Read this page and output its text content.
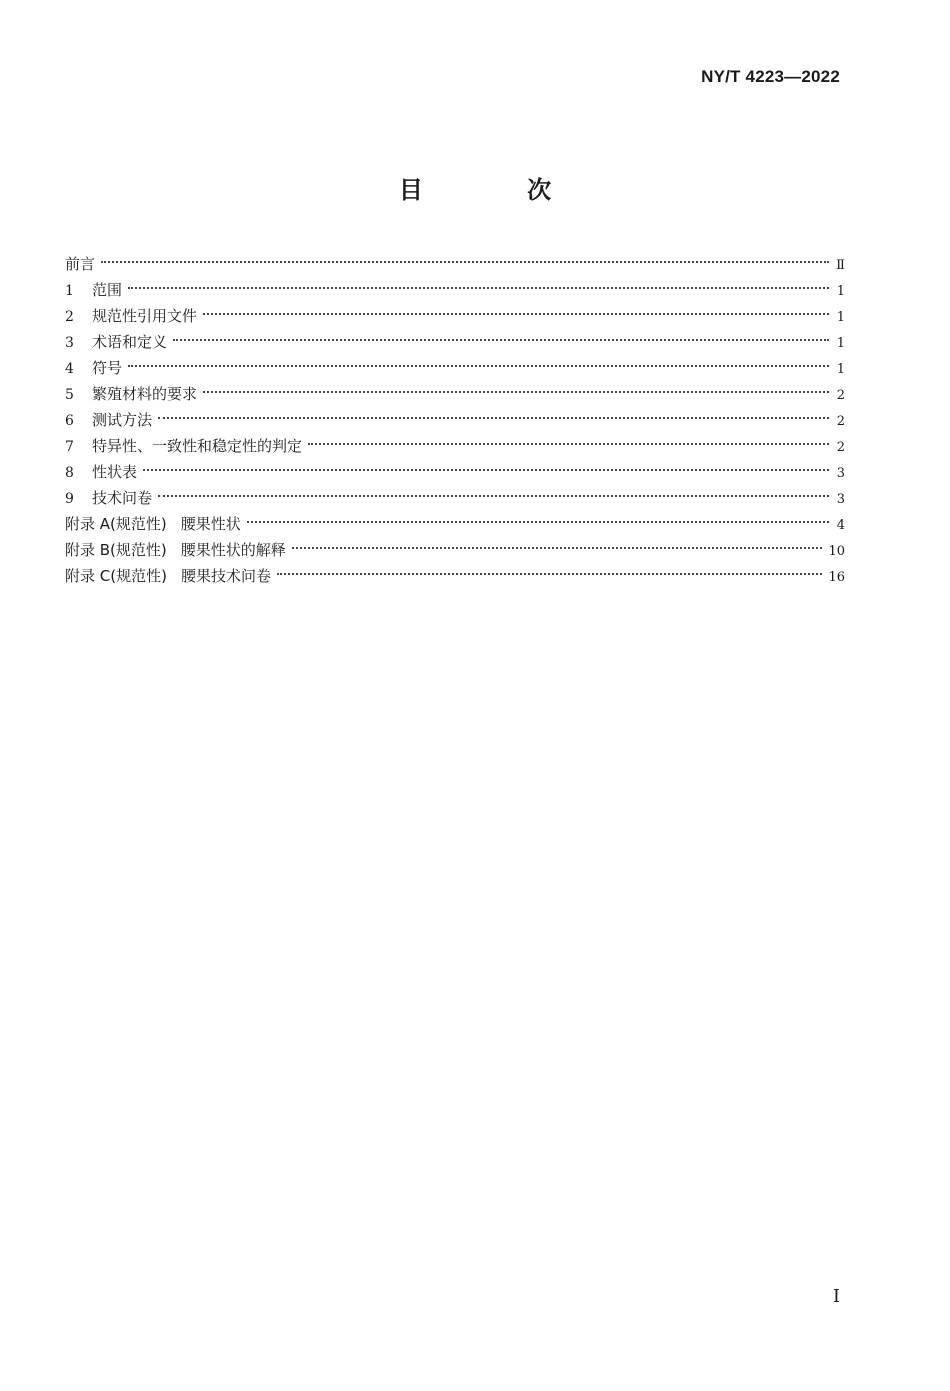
NY/T 4223—2022
目 次
前言	Ⅱ
1	范围	1
2	规范性引用文件	1
3	术语和定义	1
4	符号	1
5	繁殖材料的要求	2
6	测试方法	2
7	特异性、一致性和稳定性的判定	2
8	性状表	3
9	技术问卷	3
附录 A(规范性) 腰果性状	4
附录 B(规范性) 腰果性状的解释	10
附录 C(规范性) 腰果技术问卷	16
I
